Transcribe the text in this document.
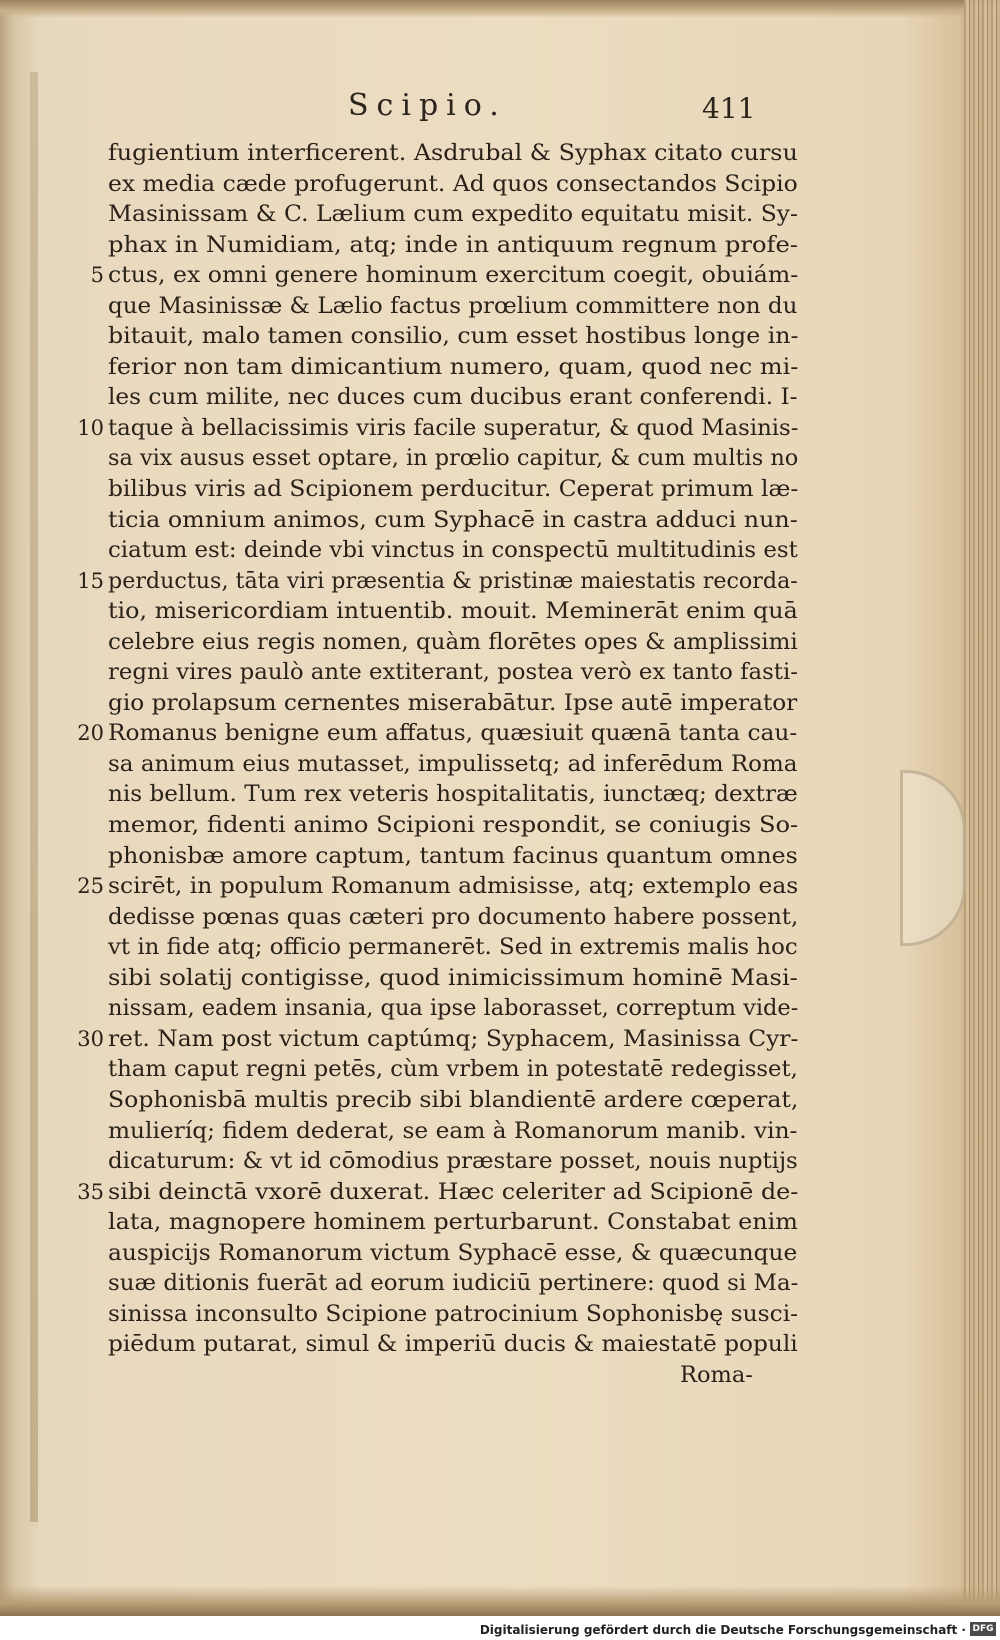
Scipio.	411
fugientium interficerent. Asdrubal & Syphax citato cursu
ex media cæde profugerunt. Ad quos consectandos Scipio
Masinissam & C. Lælium cum expedito equitatu misit. Sy-
phax in Numidiam, atq; inde in antiquum regnum profe-
5 ctus, ex omni genere hominum exercitum coegit, obuiám-
que Masinissæ & Lælio factus prœlium committere non du
bitauit, malo tamen consilio, cum esset hostibus longe in-
ferior non tam dimicantium numero, quam, quod nec mi-
les cum milite, nec duces cum ducibus erant conferendi. I-
10 taque à bellacissimis viris facile superatur, & quod Masinis-
sa vix ausus esset optare, in prœlio capitur, & cum multis no
bilibus viris ad Scipionem perducitur. Ceperat primum læ-
ticia omnium animos, cum Syphacē in castra adduci nun-
ciatum est: deinde vbi vinctus in conspectū multitudinis est
15 perductus, tāta viri præsentia & pristinæ maiestatis recorda-
tio, misericordiam intuentib. mouit. Meminerāt enim quā
celebre eius regis nomen, quàm florētes opes & amplissimi
regni vires paulò ante extiterant, postea verò ex tanto fasti-
gio prolapsum cernentes miserabātur. Ipse autē imperator
20 Romanus benigne eum affatus, quæsiuit quænā tanta cau-
sa animum eius mutasset, impulissetq; ad inferēdum Roma
nis bellum. Tum rex veteris hospitalitatis, iunctæq; dextræ
memor, fidenti animo Scipioni respondit, se coniugis So-
phonisbæ amore captum, tantum facinus quantum omnes
25 scirēt, in populum Romanum admisisse, atq; extemplo eas
dedisse pœnas quas cæteri pro documento habere possent,
vt in fide atq; officio permanerēt. Sed in extremis malis hoc
sibi solatij contigisse, quod inimicissimum hominē Masi-
nissam, eadem insania, qua ipse laborasset, correptum vide-
30 ret. Nam post victum captúmq; Syphacem, Masinissa Cyr-
tham caput regni petēs, cùm vrbem in potestatē redegisset,
Sophonisbā multis precib sibi blandientē ardere cœperat,
mulieríq; fidem dederat, se eam à Romanorum manib. vin-
dicaturum: & vt id cōmodius præstare posset, nouis nuptijs
35 sibi deinctā vxorē duxerat. Hæc celeriter ad Scipionē de-
lata, magnopere hominem perturbarunt. Constabat enim
auspicijs Romanorum victum Syphacē esse, & quæcunque
suæ ditionis fuerāt ad eorum iudiciū pertinere: quod si Ma-
sinissa inconsulto Scipione patrocinium Sophonisbę susci-
piēdum putarat, simul & imperiū ducis & maiestatē populi
Roma-
Digitalisierung gefördert durch die Deutsche Forschungsgemeinschaft · DFG
